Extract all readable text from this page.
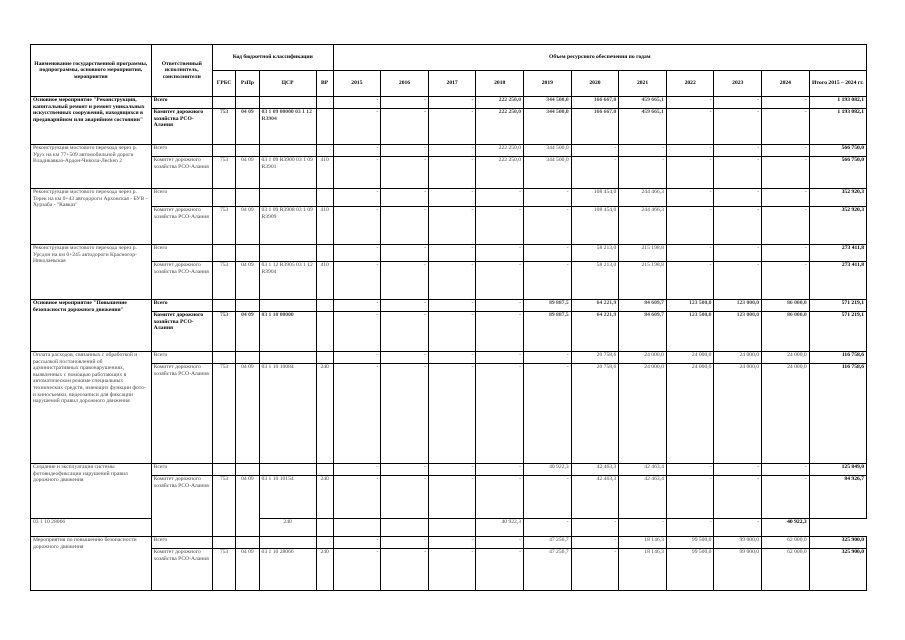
Наименование государственной программы, подпрограммы, основного мероприятия, мероприятия	Ответственный исполнитель, соисполнители	Код бюджетной классификации				Объем ресурсного обеспечения по годам										
		ГРБС	РзПр	ЦСР	ВР	2015	2016	2017	2018	2019	2020	2021	2022	2023	2024	Итого 2015 – 2024 гг.
Основное мероприятие "Реконструкция, капитальный ремонт и ремонт уникальных искусственных сооружений, находящихся в предаварийном или аварийном состоянии"	Всего					-	-	-	222 250,0	344 500,0	166 667,0	459 665,1	-	-	-	1 193 082,1
	Комитет дорожного хозяйства РСО-Алания	753	04 09	03 1 09 00000 03 1 12 R3904		-	-	-	222 250,0	344 500,0	166 667,0	459 665,1	-	-	-	1 193 082,1
Реконструкция мостового перехода через р. Урух на км 77+509 автомобильной дороги Владикавказ-Ардон-Чикола-Лесken 2	Всего					-	-	-	222 250,0	344 500,0	-	-	-	-	-	566 750,0
	Комитет дорожного хозяйства РСО-Алания	753	04 09	03 1 09 R3900 03 1 09 R3901	410	-	-	-	222 250,0	344 500,0	-	-	-	-	-	566 750,0
Реконструкция мостового перехода через р. Терек на км 0+43 автодороги Архонская - БУВ - Хурзаба - "Кавказ"	Всего					-	-	-	-	-	108 454,0	244 466,3	-	-	-	352 920,3
	Комитет дорожного хозяйства РСО-Алания	753	04 09	03 1 09 R3908 03 1 09 R3909	410	-	-	-	-	-	108 454,0	244 466,3	-	-	-	352 920,3
Реконструкция мостового перехода через р. Урсдон на км 0+245 автодороги Красногор-Николаевская	Всего					-	-	-	-	-	58 213,0	215 198,8	-	-	-	273 411,8
	Комитет дорожного хозяйства РСО-Алания	753	04 09	03 1 12 R3905 03 1 12 R3904	410	-	-	-	-	-	58 213,0	215 198,8	-	-	-	273 411,8
Основное мероприятие "Повышение безопасности дорожного движения"	Всего					-	-	-	-	89 887,5	64 221,9	84 609,7	123 500,0	123 000,0	86 000,0	571 219,1
	Комитет дорожного хозяйства РСО-Алания	753	04 09	03 1 10 00000		-	-	-	-	89 887,5	64 221,9	84 609,7	123 500,0	123 000,0	86 000,0	571 219,1
Оплата расходов, связанных с обработкой и рассылкой постановлений об административных правонарушениях, выявленных с помощью работающих в автоматическом режиме специальных технических средств, имеющих функции фото- и киносъемки, видеозаписи для фиксации нарушений правил дорожного движения	Всего					-	-	-	-	-	20 758,6	24 000,0	24 000,0	24 000,0	24 000,0	116 758,6
	Комитет дорожного хозяйства РСО-Алания	753	04 09	03 1 10 10084	240	-	-	-	-	-	20 758,6	24 000,0	24 000,0	24 000,0	24 000,0	116 758,6
Создание и эксплуатация системы фотовидеофиксации нарушений правил дорожного движения	Всего					-	-	-	-	40 922,3	42 463,3	42 463,4	-	-	-	125 849,0
	Комитет дорожного хозяйства РСО-Алания	753	04 09	03 1 10 10154	240	-	-	-	-	-	42 463,3	42 463,4	-	-	-	84 926,7
03 1 10 28066				240					40 922,3	-	-	-	-	-	40 922,3	
Мероприятия по повышению безопасности дорожного движения	Всего					-	-	-	-	47 256,7	-	18 146,3	99 500,0	99 000,0	62 000,0	325 900,0
	Комитет дорожного хозяйства РСО-Алания	753	04 09	03 1 10 28066	240	-	-	-	-	47 256,7	-	18 146,3	99 500,0	99 000,0	62 000,0	325 900,0
